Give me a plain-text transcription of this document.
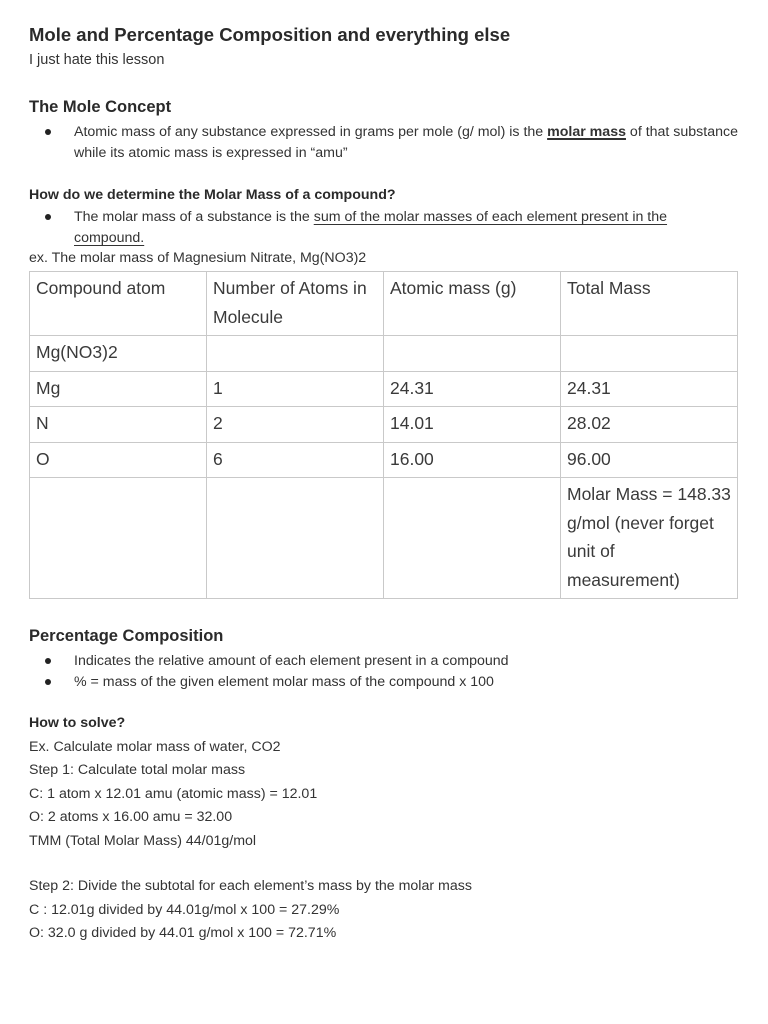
Mole and Percentage Composition and everything else

I just hate this lesson

The Mole Concept
Atomic mass of any substance expressed in grams per mole (g/ mol) is the molar mass of that substance while its atomic mass is expressed in “amu”
How do we determine the Molar Mass of a compound?
The molar mass of a substance is the sum of the molar masses of each element present in the compound.

ex. The molar mass of Magnesium Nitrate, Mg(NO3)2

Compound atom	Number of Atoms in Molecule	Atomic mass (g)	Total Mass
Mg(NO3)2			
Mg	1	24.31	24.31
N	2	14.01	28.02
O	6	16.00	96.00
			Molar Mass = 148.33 g/mol (never forget unit of measurement)
Percentage Composition
Indicates the relative amount of each element present in a compound
% = mass of the given element molar mass of the compound x 100
How to solve?

Ex. Calculate molar mass of water, CO2

Step 1: Calculate total molar mass

C: 1 atom x 12.01 amu (atomic mass) = 12.01

O: 2 atoms x 16.00 amu = 32.00

TMM (Total Molar Mass) 44/01g/mol

Step 2: Divide the subtotal for each element’s mass by the molar mass

C : 12.01g divided by 44.01g/mol x 100 = 27.29%

O: 32.0 g divided by 44.01 g/mol x 100 = 72.71%
